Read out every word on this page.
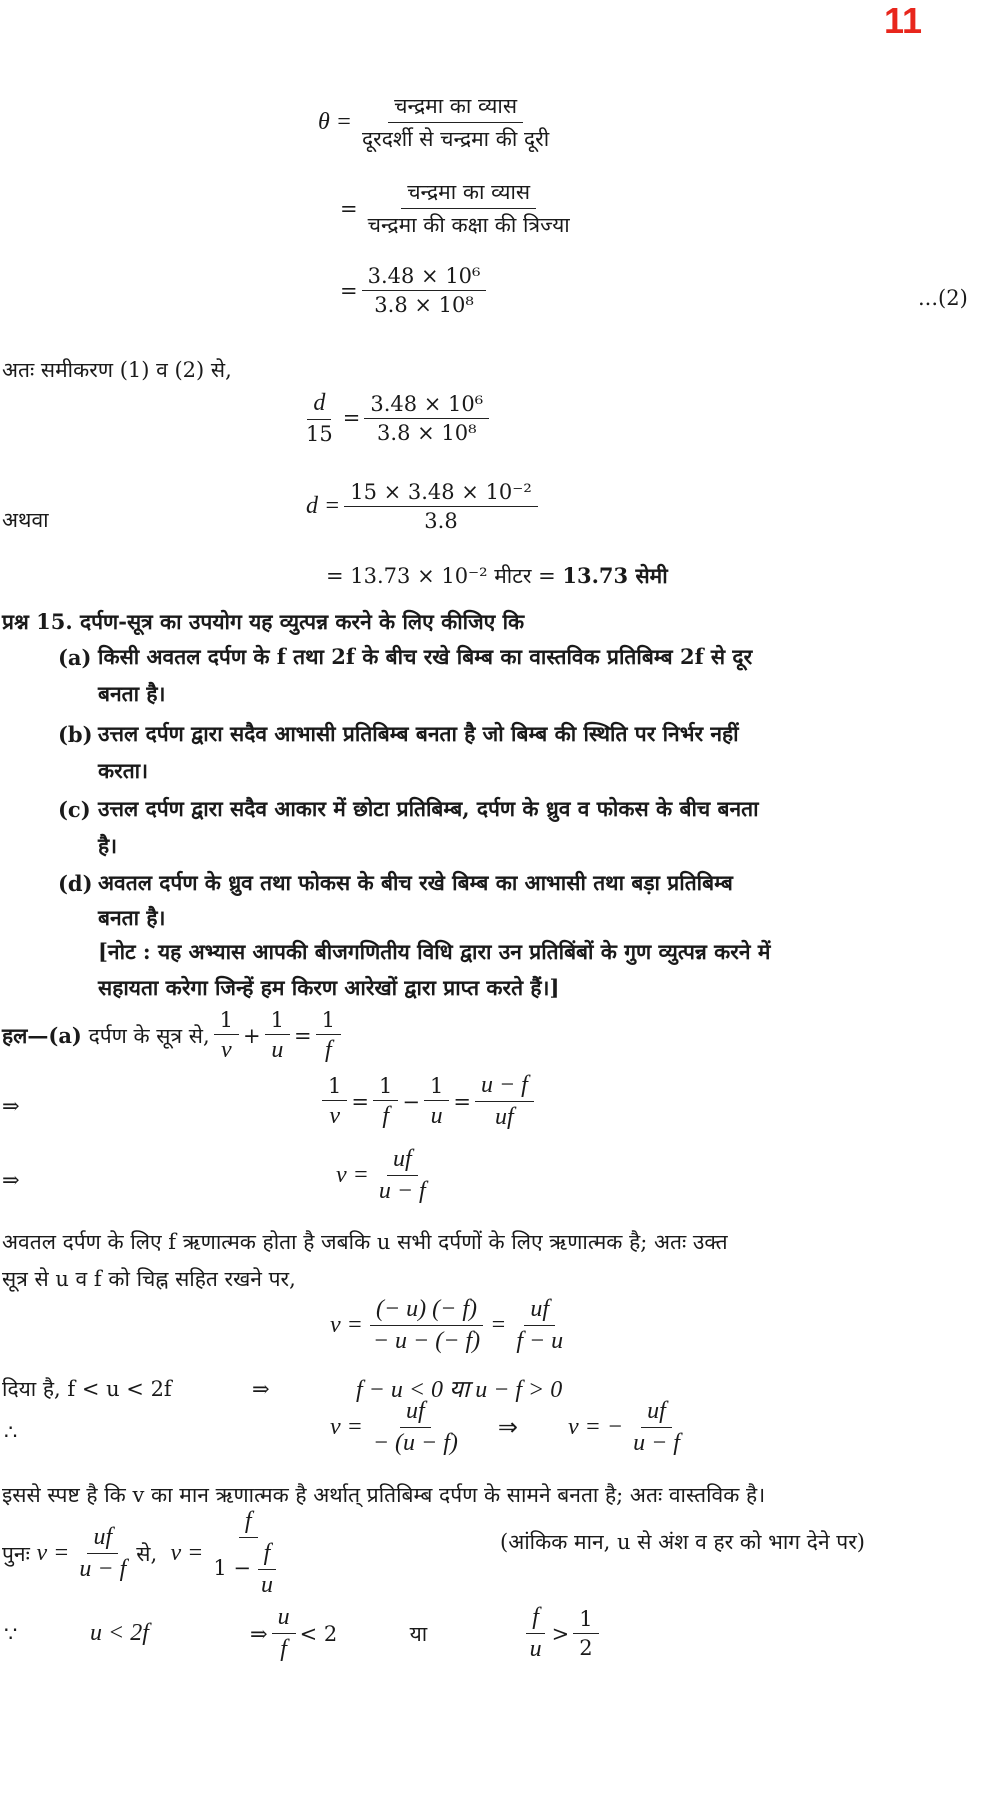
11
$\theta = \frac{\text{चन्द्रमा का व्यास}}{\text{दूरदर्शी से चन्द्रमा की दूरी}}$
= $\frac{\text{चन्द्रमा का व्यास}}{\text{चन्द्रमा की कक्षा की त्रिज्या}}$
= $\frac{\text{3.48 × 10⁶}}{\text{3.8 × 10⁸}}$	...(2)
अतः समीकरण (1) व (2) से,
$\frac{d}{15} = \frac{\text{3.48 × 10⁶}}{\text{3.8 × 10⁸}}$
अथवा
$d = \frac{\text{15 × 3.48 × 10⁻²}}{3.8}$
= 13.73 × 10⁻² मीटर =
13.73 सेमी
प्रश्न 15.
दर्पण-सूत्र का उपयोग यह व्युत्पन्न करने के लिए कीजिए कि
(a) किसी अवतल दर्पण के f तथा 2f के बीच रखे बिम्ब का वास्तविक प्रतिबिम्ब 2f से दूर
बनता है।
(b) उत्तल दर्पण द्वारा सदैव आभासी प्रतिबिम्ब बनता है जो बिम्ब की स्थिति पर निर्भर नहीं
करता।
(c) उत्तल दर्पण द्वारा सदैव आकार में छोटा प्रतिबिम्ब, दर्पण के ध्रुव व फोकस के बीच बनता
है।
(d) अवतल दर्पण के ध्रुव तथा फोकस के बीच रखे बिम्ब का आभासी तथा बड़ा प्रतिबिम्ब
बनता है।
[नोट : यह अभ्यास आपकी बीजगणितीय विधि द्वारा उन प्रतिबिंबों के गुण व्युत्पन्न करने में
सहायता करेगा जिन्हें हम किरण आरेखों द्वारा प्राप्त करते हैं।]
हल—(a)
दर्पण के सूत्र से, $\frac{1}{v} + \frac{1}{u} = \frac{1}{f}$
⇒	$\frac{1}{v} = \frac{1}{f} - \frac{1}{u} = \frac{u - f}{uf}$
⇒	$v = \frac{uf}{u - f}$
अवतल दर्पण के लिए f ऋणात्मक होता है जबकि u सभी दर्पणों के लिए ऋणात्मक है; अतः उक्त
सूत्र से u व f को चिह्न सहित रखने पर,
$v = \frac{(- u) (- f)}{- u - (- f)} = \frac{uf}{f - u}$
दिया है, f < u < 2f	⇒	f − u < 0 या u − f > 0
∴	$v = \frac{uf}{- (u - f)}$ ⇒ v = − $\frac{uf}{u - f}$
इससे स्पष्ट है कि v का मान ऋणात्मक है अर्थात् प्रतिबिम्ब दर्पण के सामने बनता है; अतः वास्तविक है।
पुनः
$v = \frac{uf}{u - f}$ से,
$v = \frac{f}{1 - \frac{f}{u}}$	(आंकिक मान, u से अंश व हर को भाग देने पर)
∵	u < 2f	⇒ $\frac{u}{f} < 2$	या	$\frac{f}{u} > \frac{1}{2}$
